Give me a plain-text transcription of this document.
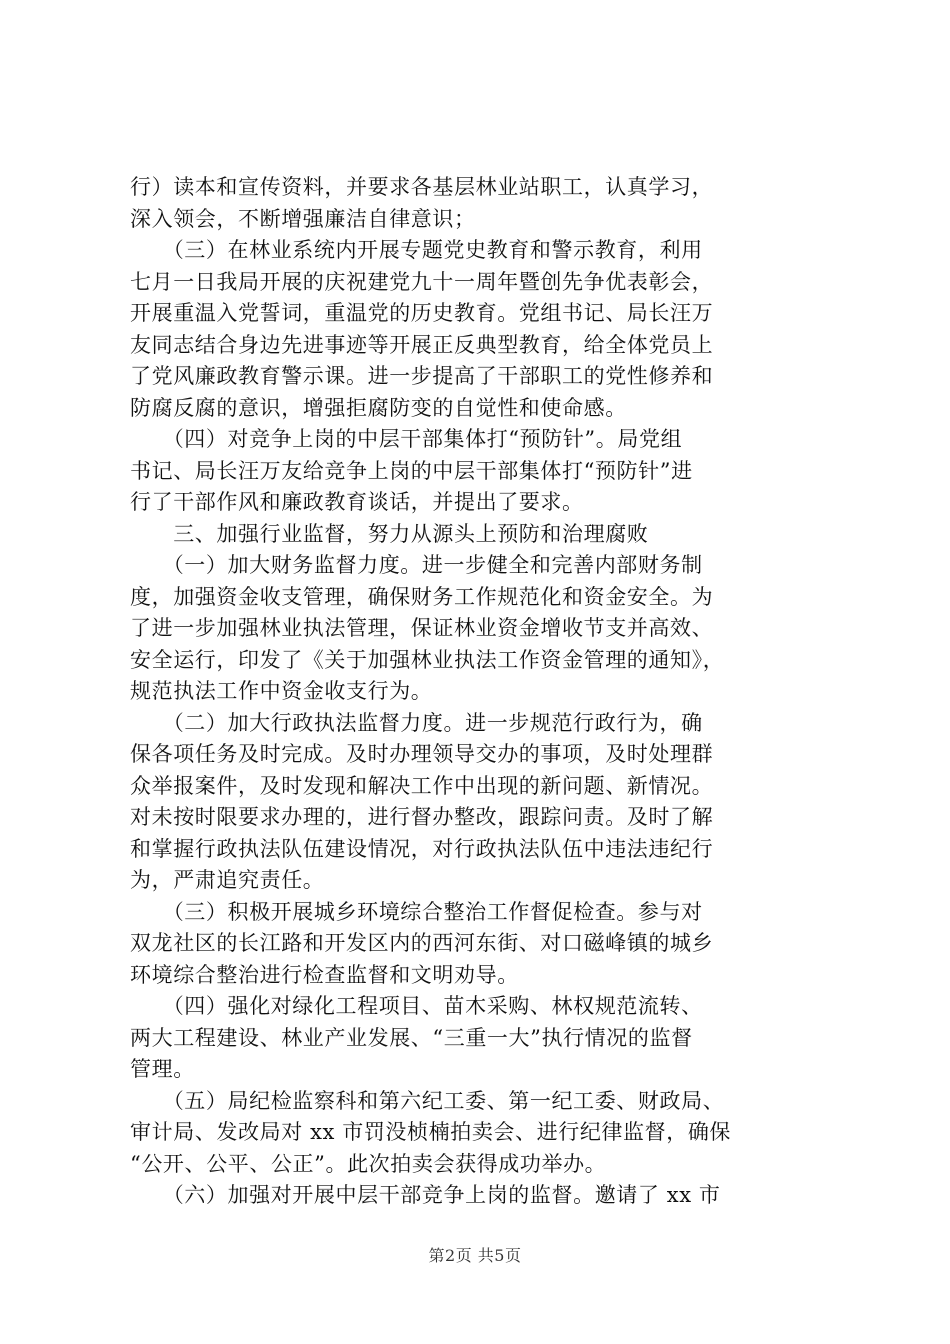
行）读本和宣传资料，并要求各基层林业站职工，认真学习，
深入领会，不断增强廉洁自律意识；
　　（三）在林业系统内开展专题党史教育和警示教育，利用
七月一日我局开展的庆祝建党九十一周年暨创先争优表彰会，
开展重温入党誓词，重温党的历史教育。党组书记、局长汪万
友同志结合身边先进事迹等开展正反典型教育，给全体党员上
了党风廉政教育警示课。进一步提高了干部职工的党性修养和
防腐反腐的意识，增强拒腐防变的自觉性和使命感。
　　（四）对竞争上岗的中层干部集体打“预防针”。局党组
书记、局长汪万友给竞争上岗的中层干部集体打“预防针”进
行了干部作风和廉政教育谈话，并提出了要求。
　　三、加强行业监督，努力从源头上预防和治理腐败
　　（一）加大财务监督力度。进一步健全和完善内部财务制
度，加强资金收支管理，确保财务工作规范化和资金安全。为
了进一步加强林业执法管理，保证林业资金增收节支并高效、
安全运行，印发了《关于加强林业执法工作资金管理的通知》，
规范执法工作中资金收支行为。
　　（二）加大行政执法监督力度。进一步规范行政行为，确
保各项任务及时完成。及时办理领导交办的事项，及时处理群
众举报案件，及时发现和解决工作中出现的新问题、新情况。
对未按时限要求办理的，进行督办整改，跟踪问责。及时了解
和掌握行政执法队伍建设情况，对行政执法队伍中违法违纪行
为，严肃追究责任。
　　（三）积极开展城乡环境综合整治工作督促检查。参与对
双龙社区的长江路和开发区内的西河东街、对口磁峰镇的城乡
环境综合整治进行检查监督和文明劝导。
　　（四）强化对绿化工程项目、苗木采购、林权规范流转、
两大工程建设、林业产业发展、“三重一大”执行情况的监督
管理。
　　（五）局纪检监察科和第六纪工委、第一纪工委、财政局、
审计局、发改局对 xx 市罚没桢楠拍卖会、进行纪律监督，确保
“公开、公平、公正”。此次拍卖会获得成功举办。
　　（六）加强对开展中层干部竞争上岗的监督。邀请了 xx 市
第2页 共5页
